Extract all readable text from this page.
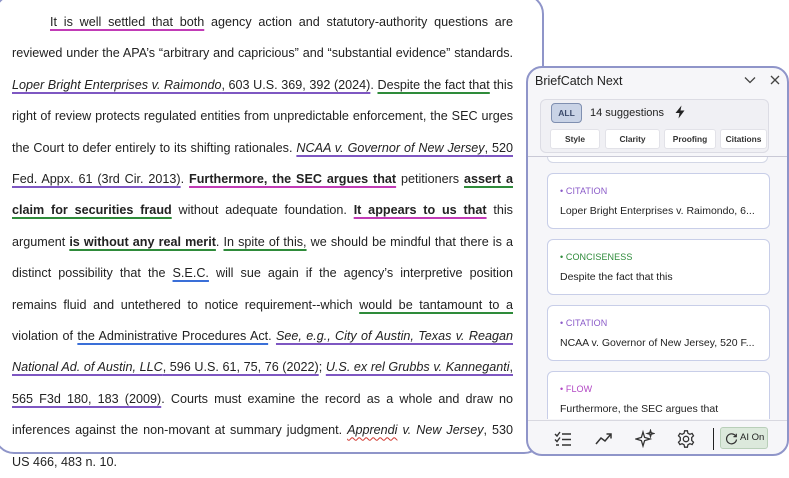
It is well settled that both agency action and statutory-authority questions are reviewed under the APA’s “arbitrary and capricious” and “substantial evidence” standards. Loper Bright Enterprises v. Raimondo, 603 U.S. 369, 392 (2024). Despite the fact that this right of review protects regulated entities from unpredictable enforcement, the SEC urges the Court to defer entirely to its shifting rationales. NCAA v. Governor of New Jersey, 520 Fed. Appx. 61 (3rd Cir. 2013). Furthermore, the SEC argues that petitioners assert a claim for securities fraud without adequate foundation. It appears to us that this argument is without any real merit. In spite of this, we should be mindful that there is a distinct possibility that the S.E.C. will sue again if the agency’s interpretive position remains fluid and untethered to notice requirement--which would be tantamount to a violation of the Administrative Procedures Act. See, e.g., City of Austin, Texas v. Reagan National Ad. of Austin, LLC, 596 U.S. 61, 75, 76 (2022); U.S. ex rel Grubbs v. Kanneganti, 565 F3d 180, 183 (2009). Courts must examine the record as a whole and draw no inferences against the non-movant at summary judgment. Apprendi v. New Jersey, 530 US 466, 483 n. 10.

BriefCatch Next
ALL	14 suggestions
Style	Clarity	Proofing	Citations
• CITATION
Loper Bright Enterprises v. Raimondo, 6...
• CONCISENESS
Despite the fact that this
• CITATION
NCAA v. Governor of New Jersey, 520 F...
• FLOW
Furthermore, the SEC argues that
AI On
